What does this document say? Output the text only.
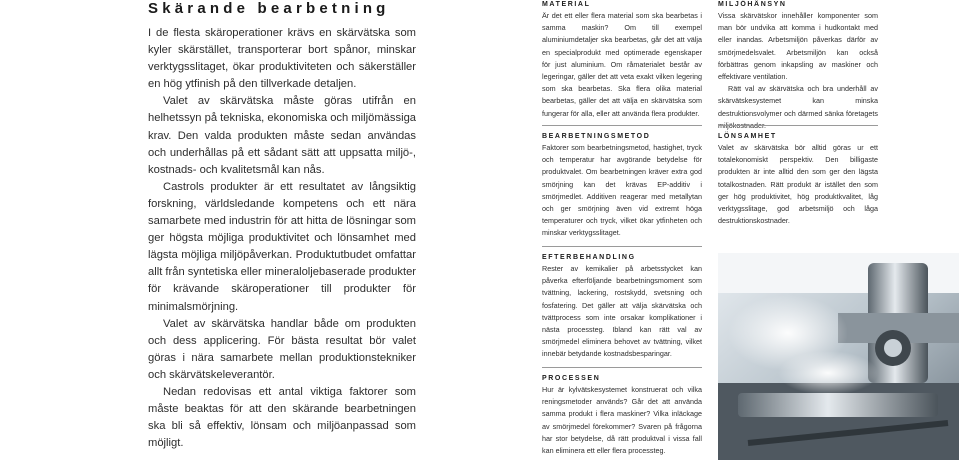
Skärande bearbetning

I de flesta skäroperationer krävs en skärvätska som kyler skärstället, transporterar bort spånor, minskar verktygsslitaget, ökar produktiviteten och säkerställer en hög ytfinish på den tillverkade detaljen.

Valet av skärvätska måste göras utifrån en helhetssyn på tekniska, ekonomiska och miljömässiga krav. Den valda produkten måste sedan användas och underhållas på ett sådant sätt att uppsatta miljö-, kostnads- och kvalitetsmål kan nås.

Castrols produkter är ett resultatet av långsiktig forskning, världsledande kompetens och ett nära samarbete med industrin för att hitta de lösningar som ger högsta möjliga produktivitet och lönsamhet med lägsta möjliga miljöpåverkan. Produktutbudet omfattar allt från syntetiska eller mineraloljebaserade produkter för krävande skäroperationer till produkter för minimalsmörjning.

Valet av skärvätska handlar både om produkten och dess applicering. För bästa resultat bör valet göras i nära samarbete mellan produktionstekniker och skärvätskeleverantör.

Nedan redovisas ett antal viktiga faktorer som måste beaktas för att den skärande bearbetningen ska bli så effektiv, lönsam och miljöanpassad som möjligt.

MATERIAL

Är det ett eller flera material som ska bearbetas i samma maskin? Om till exempel aluminiumdetaljer ska bearbetas, går det att välja en specialprodukt med optimerade egenskaper för just aluminium. Om råmaterialet består av legeringar, gäller det att veta exakt vilken legering som ska bearbetas. Ska flera olika material bearbetas, gäller det att välja en skärvätska som fungerar för alla, eller att använda flera produkter.

BEARBETNINGSMETOD

Faktorer som bearbetningsmetod, hastighet, tryck och temperatur har avgörande betydelse för produktvalet. Om bearbetningen kräver extra god smörjning kan det krävas EP-additiv i smörjmedlet. Additiven reagerar med metallytan och ger smörjning även vid extremt höga temperaturer och tryck, vilket ökar ytfinheten och minskar verktygsslitaget.

EFTERBEHANDLING

Rester av kemikalier på arbetsstycket kan påverka efterföljande bearbetningsmoment som tvättning, lackering, rostskydd, svetsning och fosfatering. Det gäller att välja skärvätska och tvättprocess som inte orsakar komplikationer i nästa processteg. Ibland kan rätt val av smörjmedel eliminera behovet av tvättning, vilket innebär betydande kostnadsbesparingar.

PROCESSEN

Hur är kylvätskesystemet konstruerat och vilka reningsmetoder används? Går det att använda samma produkt i flera maskiner? Vilka inläckage av smörjmedel förekommer? Svaren på frågorna har stor betydelse, då rätt produktval i vissa fall kan eliminera ett eller flera processteg.

MILJÖHÄNSYN

Vissa skärvätskor innehåller komponenter som man bör undvika att komma i hudkontakt med eller inandas. Arbetsmiljön påverkas därför av smörjmedelsvalet. Arbetsmiljön kan också förbättras genom inkapsling av maskiner och effektivare ventilation.

Rätt val av skärvätska och bra underhåll av skärvätskesystemet kan minska destruktionsvolymer och därmed sänka företagets

LÖNSAMHET

Valet av skärvätska bör alltid göras ur ett totalekonomiskt perspektiv. Den billigaste produkten är inte alltid den som ger den lägsta totalkostnaden. Rätt produkt är istället den som ger hög produktivitet, hög produktkvalitet, låg verktygsslitage, god arbetsmiljö och låga destruktionskostnader.
